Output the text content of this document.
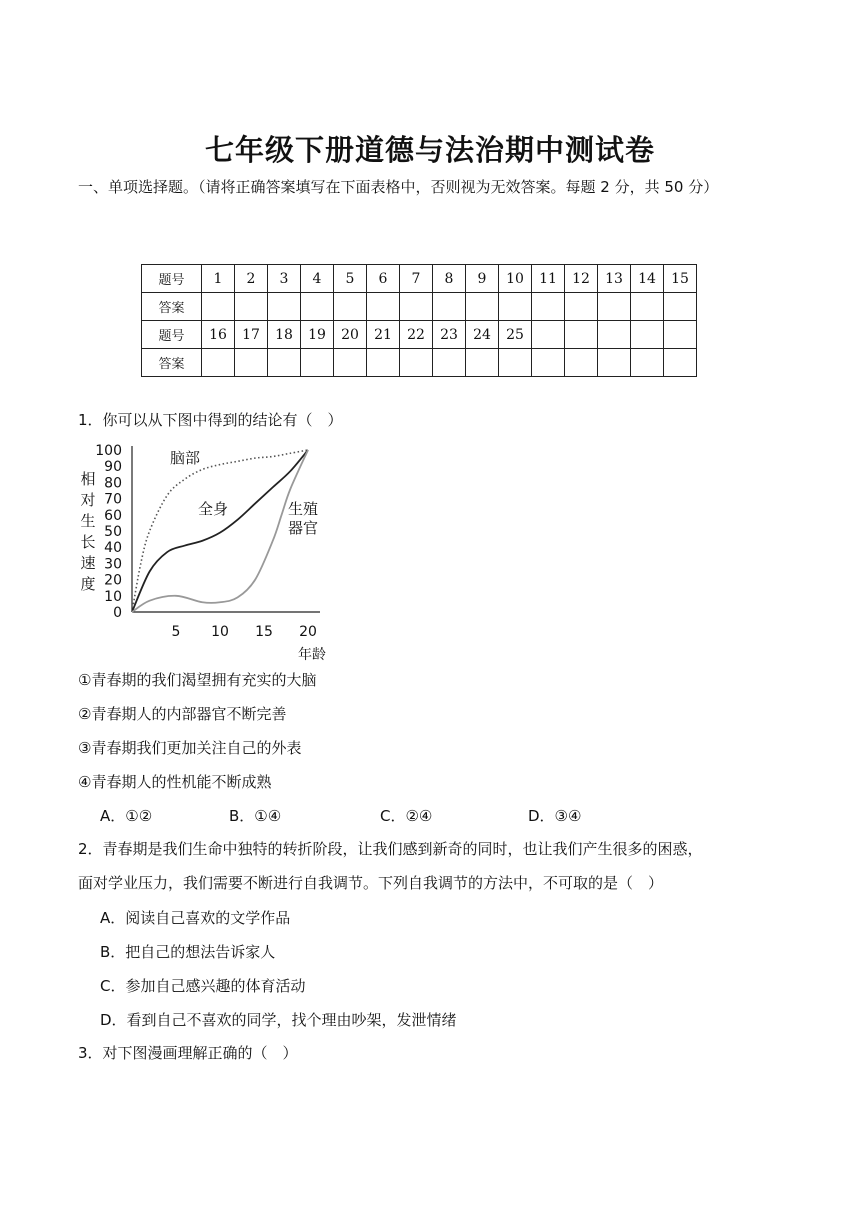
七年级下册道德与法治期中测试卷
一、单项选择题。（请将正确答案填写在下面表格中，否则视为无效答案。每题 2 分，共 50 分）
题号	1	2	3	4	5	6	7	8	9	10	11	12	13	14	15
答案															
题号	16	17	18	19	20	21	22	23	24	25					
答案															
1．你可以从下图中得到的结论有（　）
0
10
20
30
40
50
60
70
80
90
100
5 10 15 20
年龄
相
对
生
长
速
度
脑部
全身	生殖
器官
①青春期的我们渴望拥有充实的大脑
②青春期人的内部器官不断完善
③青春期我们更加关注自己的外表
④青春期人的性机能不断成熟
A．①②	B．①④	C．②④	D．③④
2．青春期是我们生命中独特的转折阶段，让我们感到新奇的同时，也让我们产生很多的困惑，
面对学业压力，我们需要不断进行自我调节。下列自我调节的方法中，不可取的是（　）
A．阅读自己喜欢的文学作品
B．把自己的想法告诉家人
C．参加自己感兴趣的体育活动
D．看到自己不喜欢的同学，找个理由吵架，发泄情绪
3．对下图漫画理解正确的（　）
